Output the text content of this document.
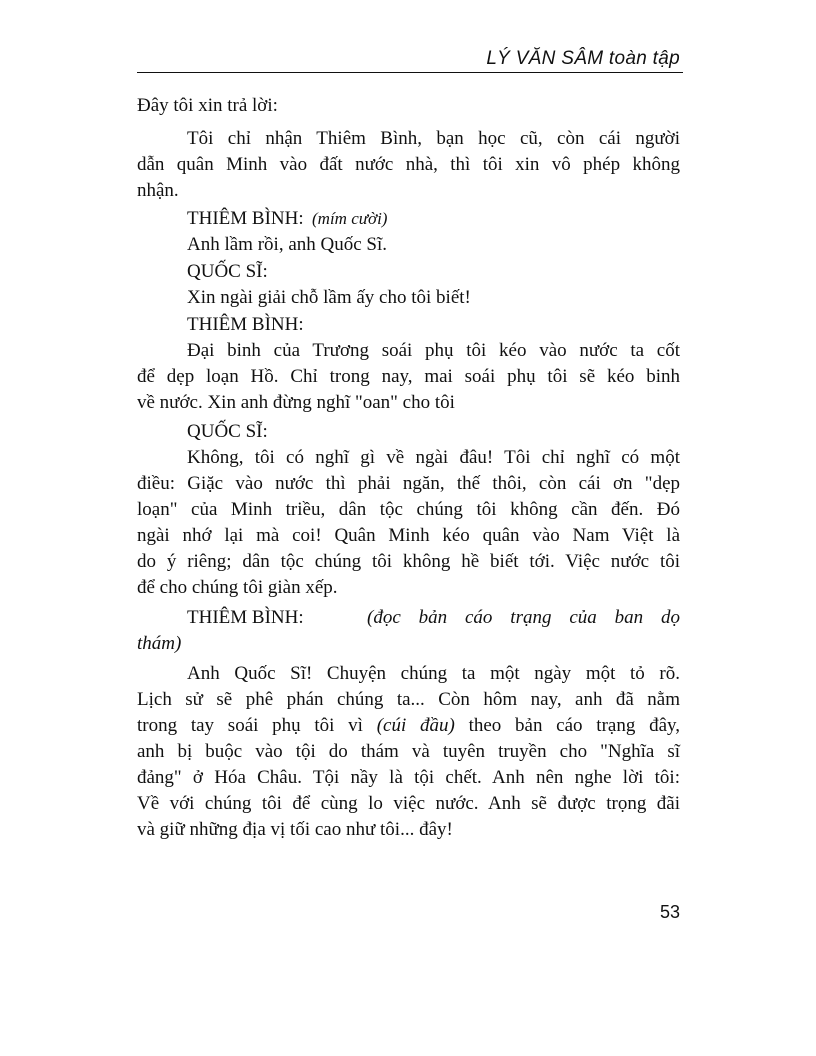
LÝ VĂN SÂM toàn tập
Đây tôi xin trả lời:
Tôi chỉ nhận Thiêm Bình, bạn học cũ, còn cái người
dẫn quân Minh vào đất nước nhà, thì tôi xin vô phép không
nhận.
THIÊM BÌNH: (mím cười)
Anh lầm rồi, anh Quốc Sĩ.
QUỐC SĨ:
Xin ngài giải chỗ lầm ấy cho tôi biết!
THIÊM BÌNH:
Đại binh của Trương soái phụ tôi kéo vào nước ta cốt
để dẹp loạn Hồ. Chỉ trong nay, mai soái phụ tôi sẽ kéo binh
về nước. Xin anh đừng nghĩ "oan" cho tôi
QUỐC SĨ:
Không, tôi có nghĩ gì về ngài đâu! Tôi chỉ nghĩ có một
điều: Giặc vào nước thì phải ngăn, thế thôi, còn cái ơn "dẹp
loạn" của Minh triều, dân tộc chúng tôi không cần đến. Đó
ngài nhớ lại mà coi! Quân Minh kéo quân vào Nam Việt là
do ý riêng; dân tộc chúng tôi không hề biết tới. Việc nước tôi
để cho chúng tôi giàn xếp.
THIÊM BÌNH:	(đọc bản cáo trạng của ban dọ
thám)
Anh Quốc Sĩ! Chuyện chúng ta một ngày một tỏ rõ.
Lịch sử sẽ phê phán chúng ta... Còn hôm nay, anh đã nằm
trong tay soái phụ tôi vì (cúi đầu) theo bản cáo trạng đây,
anh bị buộc vào tội do thám và tuyên truyền cho "Nghĩa sĩ
đảng" ở Hóa Châu. Tội nầy là tội chết. Anh nên nghe lời tôi:
Về với chúng tôi để cùng lo việc nước. Anh sẽ được trọng đãi
và giữ những địa vị tối cao như tôi... đây!
53
